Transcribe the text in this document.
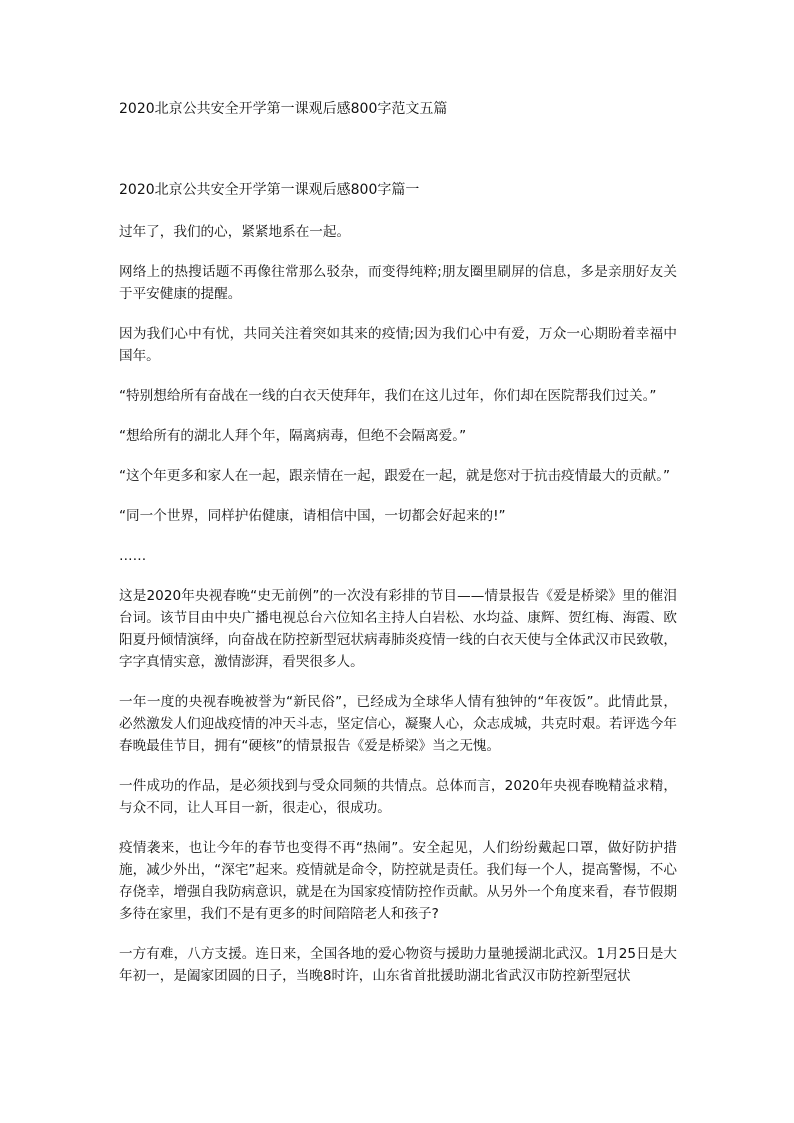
2020北京公共安全开学第一课观后感800字范文五篇
2020北京公共安全开学第一课观后感800字篇一

过年了，我们的心，紧紧地系在一起。

网络上的热搜话题不再像往常那么驳杂，而变得纯粹;朋友圈里刷屏的信息，多是亲朋好友关于平安健康的提醒。

因为我们心中有忧，共同关注着突如其来的疫情;因为我们心中有爱，万众一心期盼着幸福中国年。

“特别想给所有奋战在一线的白衣天使拜年，我们在这儿过年，你们却在医院帮我们过关。”

“想给所有的湖北人拜个年，隔离病毒，但绝不会隔离爱。”

“这个年更多和家人在一起，跟亲情在一起，跟爱在一起，就是您对于抗击疫情最大的贡献。”

“同一个世界，同样护佑健康，请相信中国，一切都会好起来的!”

……

这是2020年央视春晚“史无前例”的一次没有彩排的节目——情景报告《爱是桥梁》里的催泪台词。该节目由中央广播电视总台六位知名主持人白岩松、水均益、康辉、贺红梅、海霞、欧阳夏丹倾情演绎，向奋战在防控新型冠状病毒肺炎疫情一线的白衣天使与全体武汉市民致敬，字字真情实意，激情澎湃，看哭很多人。

一年一度的央视春晚被誉为“新民俗”，已经成为全球华人情有独钟的“年夜饭”。此情此景，必然激发人们迎战疫情的冲天斗志，坚定信心，凝聚人心，众志成城，共克时艰。若评选今年春晚最佳节目，拥有“硬核”的情景报告《爱是桥梁》当之无愧。

一件成功的作品，是必须找到与受众同频的共情点。总体而言，2020年央视春晚精益求精，与众不同，让人耳目一新，很走心，很成功。

疫情袭来，也让今年的春节也变得不再“热闹”。安全起见，人们纷纷戴起口罩，做好防护措施，减少外出，“深宅”起来。疫情就是命令，防控就是责任。我们每一个人，提高警惕，不心存侥幸，增强自我防病意识，就是在为国家疫情防控作贡献。从另外一个角度来看，春节假期多待在家里，我们不是有更多的时间陪陪老人和孩子?

一方有难，八方支援。连日来，全国各地的爱心物资与援助力量驰援湖北武汉。1月25日是大年初一，是阖家团圆的日子，当晚8时许，山东省首批援助湖北省武汉市防控新型冠状
